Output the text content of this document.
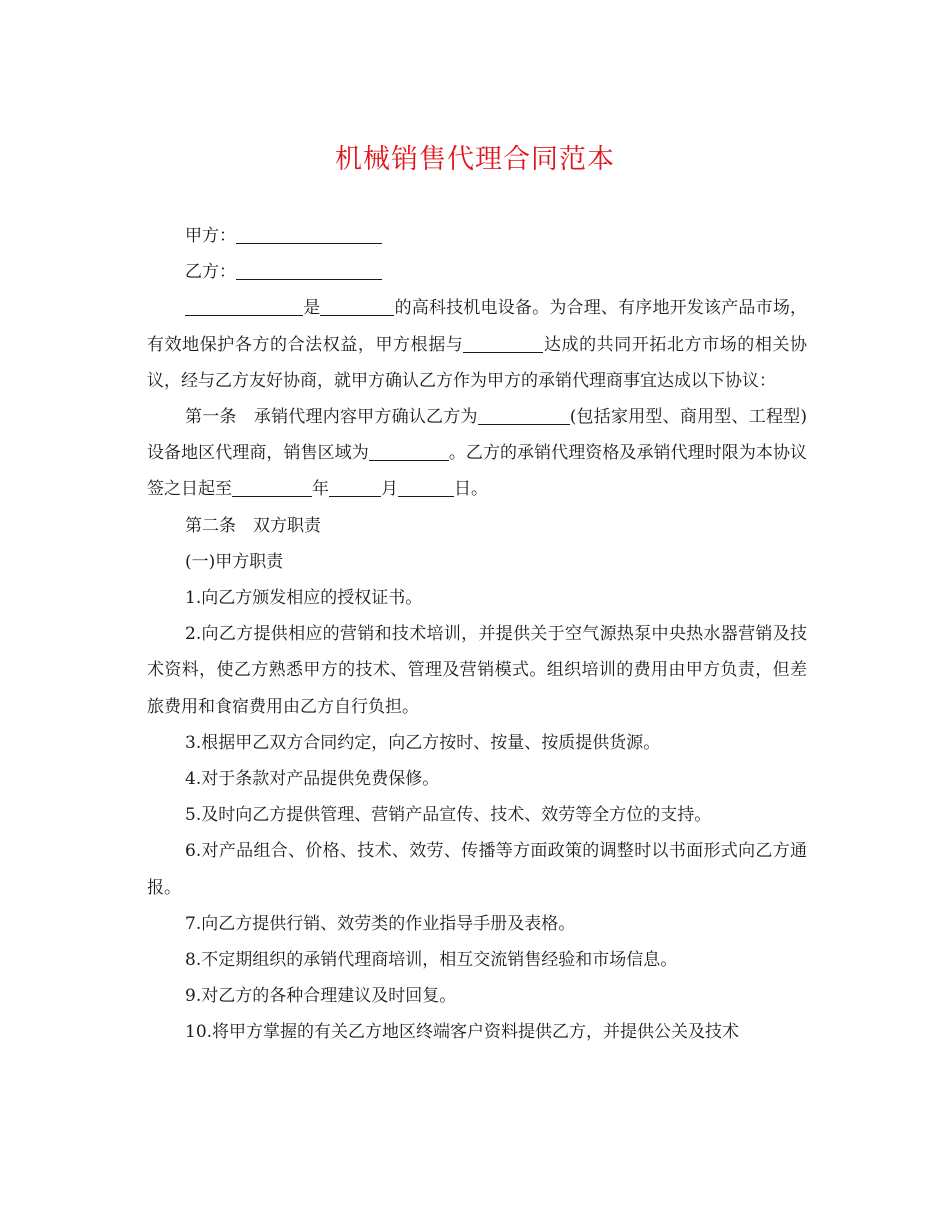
机械销售代理合同范本

甲方：

乙方：

是	的高科技机电设备。为合理、有序地开发该产品市场，有效地保护各方的合法权益，甲方根据与	达成的共同开拓北方市场的相关协议，经与乙方友好协商，就甲方确认乙方作为甲方的承销代理商事宜达成以下协议：

第一条　承销代理内容甲方确认乙方为	(包括家用型、商用型、工程型)设备地区代理商，销售区域为	。乙方的承销代理资格及承销代理时限为本协议签之日起至	年	月	日。

第二条　双方职责

(一)甲方职责

1.向乙方颁发相应的授权证书。

2.向乙方提供相应的营销和技术培训，并提供关于空气源热泵中央热水器营销及技术资料，使乙方熟悉甲方的技术、管理及营销模式。组织培训的费用由甲方负责，但差旅费用和食宿费用由乙方自行负担。

3.根据甲乙双方合同约定，向乙方按时、按量、按质提供货源。

4.对于条款对产品提供免费保修。

5.及时向乙方提供管理、营销产品宣传、技术、效劳等全方位的支持。

6.对产品组合、价格、技术、效劳、传播等方面政策的调整时以书面形式向乙方通报。

7.向乙方提供行销、效劳类的作业指导手册及表格。

8.不定期组织的承销代理商培训，相互交流销售经验和市场信息。

9.对乙方的各种合理建议及时回复。

10.将甲方掌握的有关乙方地区终端客户资料提供乙方，并提供公关及技术
